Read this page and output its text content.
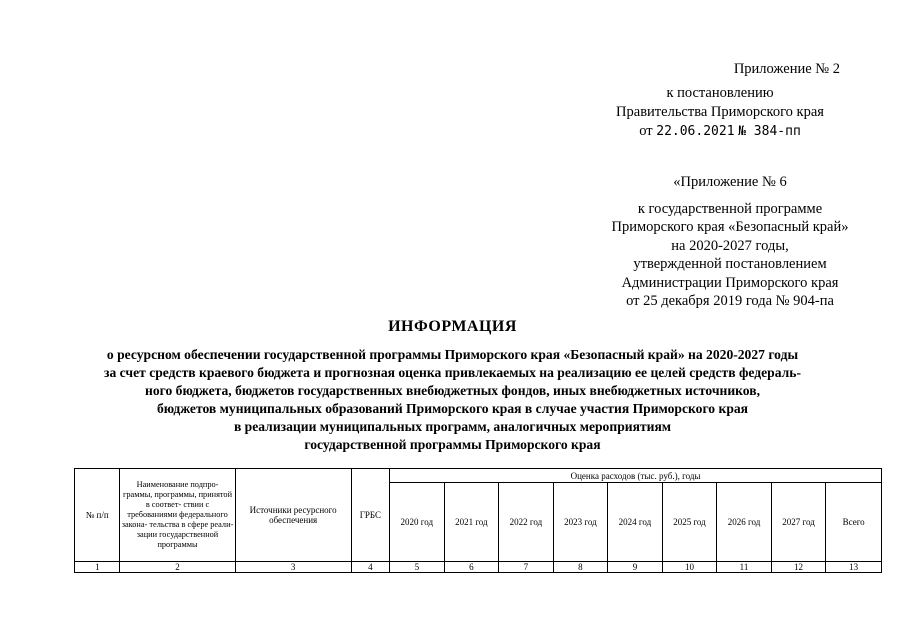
Приложение № 2
к постановлению
Правительства Приморского края
от 22.06.2021 № 384-пп
«Приложение № 6
к государственной программе
Приморского края «Безопасный край»
на 2020-2027 годы,
утвержденной постановлением
Администрации Приморского края
от 25 декабря 2019 года № 904-па
ИНФОРМАЦИЯ
о ресурсном обеспечении государственной программы Приморского края «Безопасный край» на 2020-2027 годы
за счет средств краевого бюджета и прогнозная оценка привлекаемых на реализацию ее целей средств федераль-
ного бюджета, бюджетов государственных внебюджетных фондов, иных внебюджетных источников,
бюджетов муниципальных образований Приморского края в случае участия Приморского края
в реализации муниципальных программ, аналогичных мероприятиям
государственной программы Приморского края
№ п/п	Наименование подпро- граммы, программы, принятой в соответ- ствии с требованиями федерального закона- тельства в сфере реали- зации государственной программы	Источники ресурсного обеспечения	ГРБС	Оценка расходов (тыс. руб.), годы								
				2020 год	2021 год	2022 год	2023 год	2024 год	2025 год	2026 год	2027 год	Всего
1	2	3	4	5	6	7	8	9	10	11	12	13
